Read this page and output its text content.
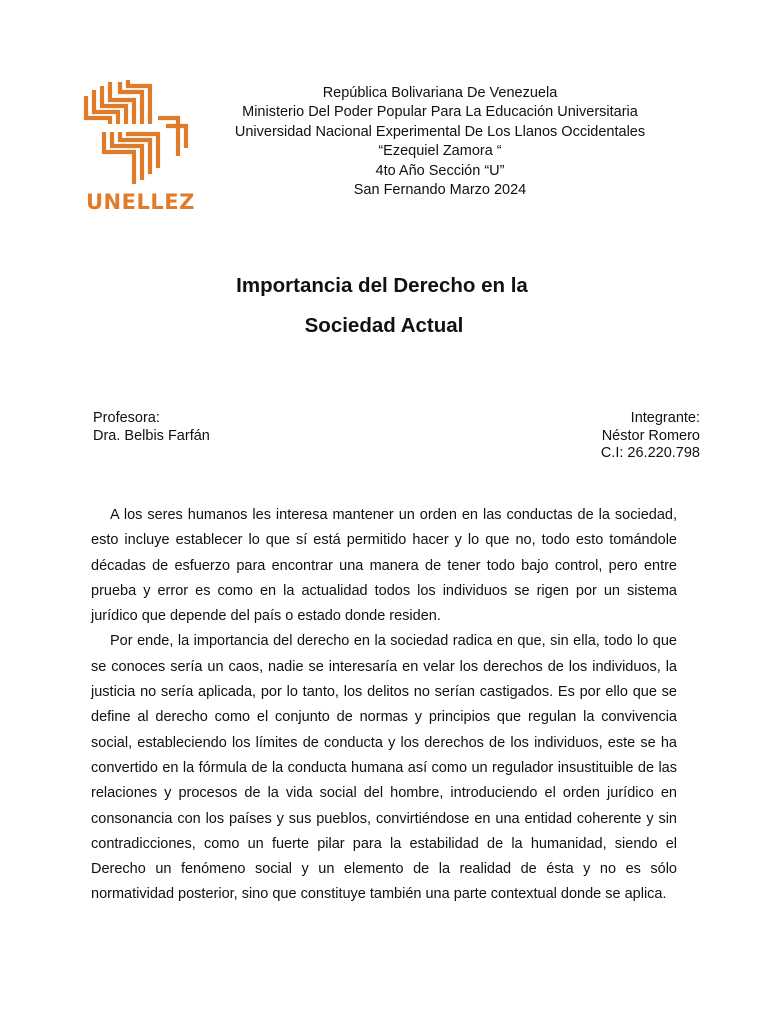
UNELLEZ
República Bolivariana De Venezuela
Ministerio Del Poder Popular Para La Educación Universitaria
Universidad Nacional Experimental De Los Llanos Occidentales
“Ezequiel Zamora “
4to Año Sección “U”
San Fernando Marzo 2024
Importancia del Derecho en la
Sociedad Actual
Profesora:
Dra. Belbis Farfán
Integrante:
Néstor Romero
C.I: 26.220.798

A los seres humanos les interesa mantener un orden en las conductas de la sociedad, esto incluye establecer lo que sí está permitido hacer y lo que no, todo esto tomándole décadas de esfuerzo para encontrar una manera de tener todo bajo control, pero entre prueba y error es como en la actualidad todos los individuos se rigen por un sistema jurídico que depende del país o estado donde residen.

Por ende, la importancia del derecho en la sociedad radica en que, sin ella, todo lo que se conoces sería un caos, nadie se interesaría en velar los derechos de los individuos, la justicia no sería aplicada, por lo tanto, los delitos no serían castigados. Es por ello que se define al derecho como el conjunto de normas y principios que regulan la convivencia social, estableciendo los límites de conducta y los derechos de los individuos, este se ha convertido en la fórmula de la conducta humana así como un regulador insustituible de las relaciones y procesos de la vida social del hombre, introduciendo el orden jurídico en consonancia con los países y sus pueblos, convirtiéndose en una entidad coherente y sin contradicciones, como un fuerte pilar para la estabilidad de la humanidad, siendo el Derecho un fenómeno social y un elemento de la realidad de ésta y no es sólo normatividad posterior, sino que constituye también una parte contextual donde se aplica.
